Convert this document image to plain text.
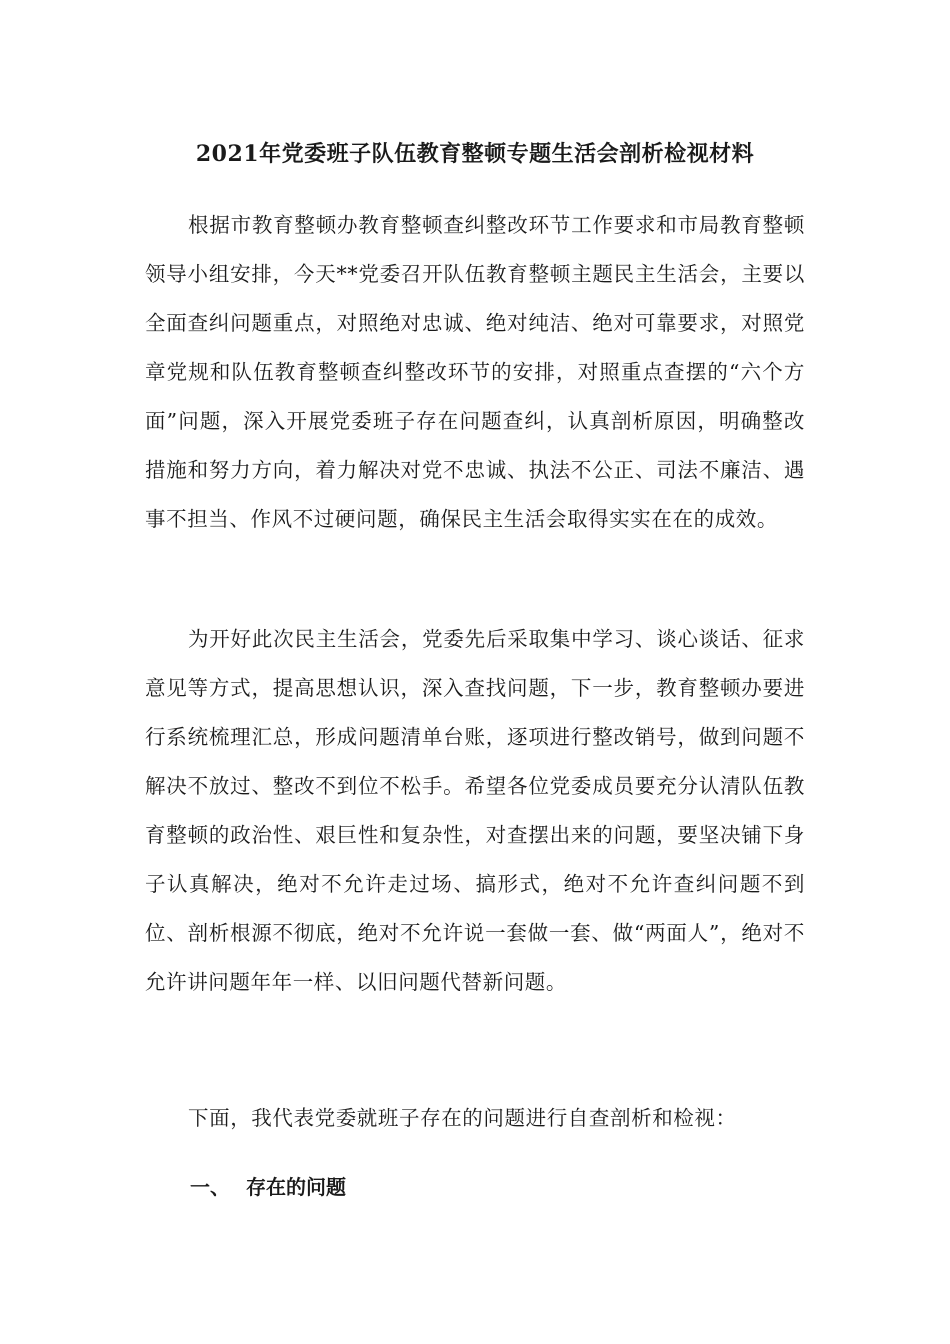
2021年党委班子队伍教育整顿专题生活会剖析检视材料

根据市教育整顿办教育整顿查纠整改环节工作要求和市局教育整顿领导小组安排，今天**党委召开队伍教育整顿主题民主生活会，主要以全面查纠问题重点，对照绝对忠诚、绝对纯洁、绝对可靠要求，对照党章党规和队伍教育整顿查纠整改环节的安排，对照重点查摆的“六个方面”问题，深入开展党委班子存在问题查纠，认真剖析原因，明确整改措施和努力方向，着力解决对党不忠诚、执法不公正、司法不廉洁、遇事不担当、作风不过硬问题，确保民主生活会取得实实在在的成效。

为开好此次民主生活会，党委先后采取集中学习、谈心谈话、征求意见等方式，提高思想认识，深入查找问题，下一步，教育整顿办要进行系统梳理汇总，形成问题清单台账，逐项进行整改销号，做到问题不解决不放过、整改不到位不松手。希望各位党委成员要充分认清队伍教育整顿的政治性、艰巨性和复杂性，对查摆出来的问题，要坚决铺下身子认真解决，绝对不允许走过场、搞形式，绝对不允许查纠问题不到位、剖析根源不彻底，绝对不允许说一套做一套、做“两面人”，绝对不允许讲问题年年一样、以旧问题代替新问题。

下面，我代表党委就班子存在的问题进行自查剖析和检视：

一、 存在的问题
